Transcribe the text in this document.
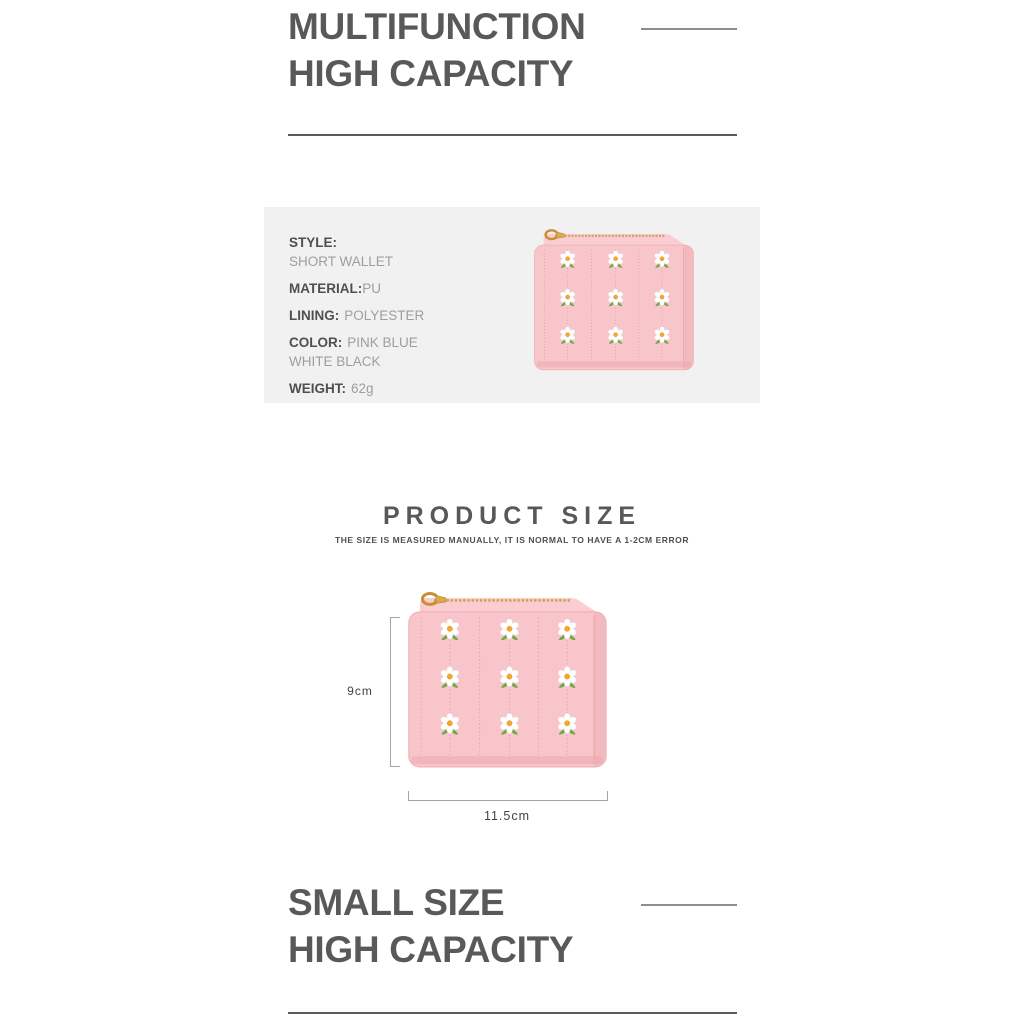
MULTIFUNCTION
HIGH CAPACITY
STYLE:
SHORT WALLET
MATERIAL: PU
LINING: POLYESTER
COLOR: PINK BLUE
WHITE BLACK
WEIGHT: 62g
PRODUCT SIZE
THE SIZE IS MEASURED MANUALLY, IT IS NORMAL TO HAVE A 1-2CM ERROR
9cm
11.5cm
SMALL SIZE
HIGH CAPACITY
